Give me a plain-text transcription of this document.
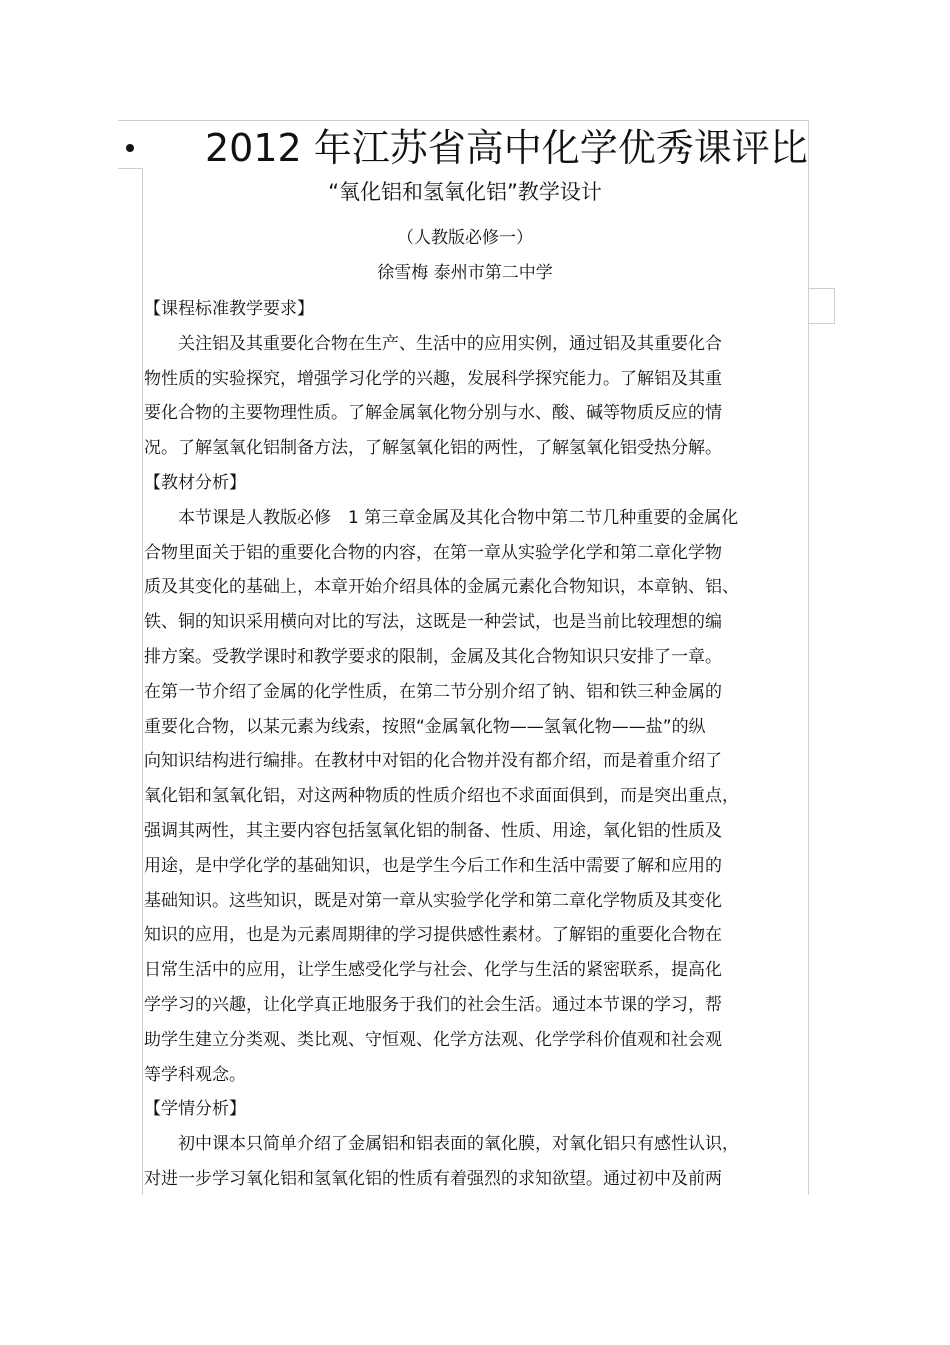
2012 年江苏省高中化学优秀课评比
“氧化铝和氢氧化铝”教学设计
（人教版必修一）
徐雪梅 泰州市第二中学
【课程标准教学要求】
　　关注铝及其重要化合物在生产、生活中的应用实例，通过铝及其重要化合
物性质的实验探究，增强学习化学的兴趣，发展科学探究能力。了解铝及其重
要化合物的主要物理性质。了解金属氧化物分别与水、酸、碱等物质反应的情
况。了解氢氧化铝制备方法，了解氢氧化铝的两性，了解氢氧化铝受热分解。
【教材分析】
　　本节课是人教版必修　1 第三章金属及其化合物中第二节几种重要的金属化
合物里面关于铝的重要化合物的内容，在第一章从实验学化学和第二章化学物
质及其变化的基础上，本章开始介绍具体的金属元素化合物知识，本章钠、铝、
铁、铜的知识采用横向对比的写法，这既是一种尝试，也是当前比较理想的编
排方案。受教学课时和教学要求的限制，金属及其化合物知识只安排了一章。
在第一节介绍了金属的化学性质，在第二节分别介绍了钠、铝和铁三种金属的
重要化合物，以某元素为线索，按照“金属氧化物——氢氧化物——盐”的纵
向知识结构进行编排。在教材中对铝的化合物并没有都介绍，而是着重介绍了
氧化铝和氢氧化铝，对这两种物质的性质介绍也不求面面俱到，而是突出重点，
强调其两性，其主要内容包括氢氧化铝的制备、性质、用途，氧化铝的性质及
用途，是中学化学的基础知识，也是学生今后工作和生活中需要了解和应用的
基础知识。这些知识，既是对第一章从实验学化学和第二章化学物质及其变化
知识的应用，也是为元素周期律的学习提供感性素材。了解铝的重要化合物在
日常生活中的应用，让学生感受化学与社会、化学与生活的紧密联系，提高化
学学习的兴趣，让化学真正地服务于我们的社会生活。通过本节课的学习，帮
助学生建立分类观、类比观、守恒观、化学方法观、化学学科价值观和社会观
等学科观念。
【学情分析】
　　初中课本只简单介绍了金属铝和铝表面的氧化膜，对氧化铝只有感性认识，
对进一步学习氧化铝和氢氧化铝的性质有着强烈的求知欲望。通过初中及前两
